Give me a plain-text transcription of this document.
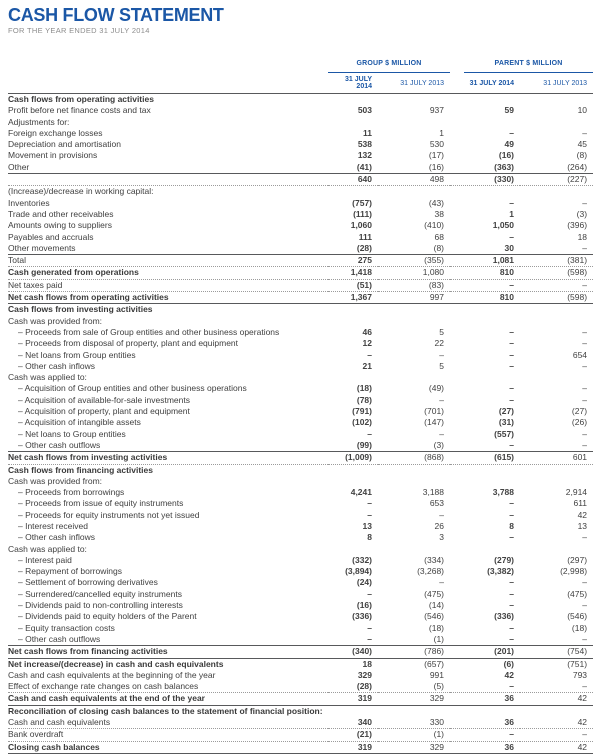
CASH FLOW STATEMENT
FOR THE YEAR ENDED 31 JULY 2014

	GROUP $ MILLION		PARENT $ MILLION	

	31 JULY 2014	31 JULY 2013	31 JULY 2014	31 JULY 2013
Cash flows from operating activities				
Profit before net finance costs and tax	503	937	59	10
Adjustments for:				
Foreign exchange losses	11	1	–	–
Depreciation and amortisation	538	530	49	45
Movement in provisions	132	(17)	(16)	(8)
Other	(41)	(16)	(363)	(264)
	640	498	(330)	(227)
(Increase)/decrease in working capital:				
Inventories	(757)	(43)	–	–
Trade and other receivables	(111)	38	1	(3)
Amounts owing to suppliers	1,060	(410)	1,050	(396)
Payables and accruals	111	68	–	18
Other movements	(28)	(8)	30	–
Total	275	(355)	1,081	(381)
Cash generated from operations	1,418	1,080	810	(598)
Net taxes paid	(51)	(83)	–	–
Net cash flows from operating activities	1,367	997	810	(598)
Cash flows from investing activities				
Cash was provided from:				
– Proceeds from sale of Group entities and other business operations	46	5	–	–
– Proceeds from disposal of property, plant and equipment	12	22	–	–
– Net loans from Group entities	–	–	–	654
– Other cash inflows	21	5	–	–
Cash was applied to:				
– Acquisition of Group entities and other business operations	(18)	(49)	–	–
– Acquisition of available-for-sale investments	(78)	–	–	–
– Acquisition of property, plant and equipment	(791)	(701)	(27)	(27)
– Acquisition of intangible assets	(102)	(147)	(31)	(26)
– Net loans to Group entities	–	–	(557)	–
– Other cash outflows	(99)	(3)	–	–
Net cash flows from investing activities	(1,009)	(868)	(615)	601
Cash flows from financing activities				
Cash was provided from:				
– Proceeds from borrowings	4,241	3,188	3,788	2,914
– Proceeds from issue of equity instruments	–	653	–	611
– Proceeds for equity instruments not yet issued	–	–	–	42
– Interest received	13	26	8	13
– Other cash inflows	8	3	–	–
Cash was applied to:				
– Interest paid	(332)	(334)	(279)	(297)
– Repayment of borrowings	(3,894)	(3,268)	(3,382)	(2,998)
– Settlement of borrowing derivatives	(24)	–	–	–
– Surrendered/cancelled equity instruments	–	(475)	–	(475)
– Dividends paid to non-controlling interests	(16)	(14)	–	–
– Dividends paid to equity holders of the Parent	(336)	(546)	(336)	(546)
– Equity transaction costs	–	(18)	–	(18)
– Other cash outflows	–	(1)	–	–
Net cash flows from financing activities	(340)	(786)	(201)	(754)
Net increase/(decrease) in cash and cash equivalents	18	(657)	(6)	(751)
Cash and cash equivalents at the beginning of the year	329	991	42	793
Effect of exchange rate changes on cash balances	(28)	(5)	–	–
Cash and cash equivalents at the end of the year	319	329	36	42
Reconciliation of closing cash balances to the statement of financial position:				
Cash and cash equivalents	340	330	36	42
Bank overdraft	(21)	(1)	–	–
Closing cash balances	319	329	36	42
